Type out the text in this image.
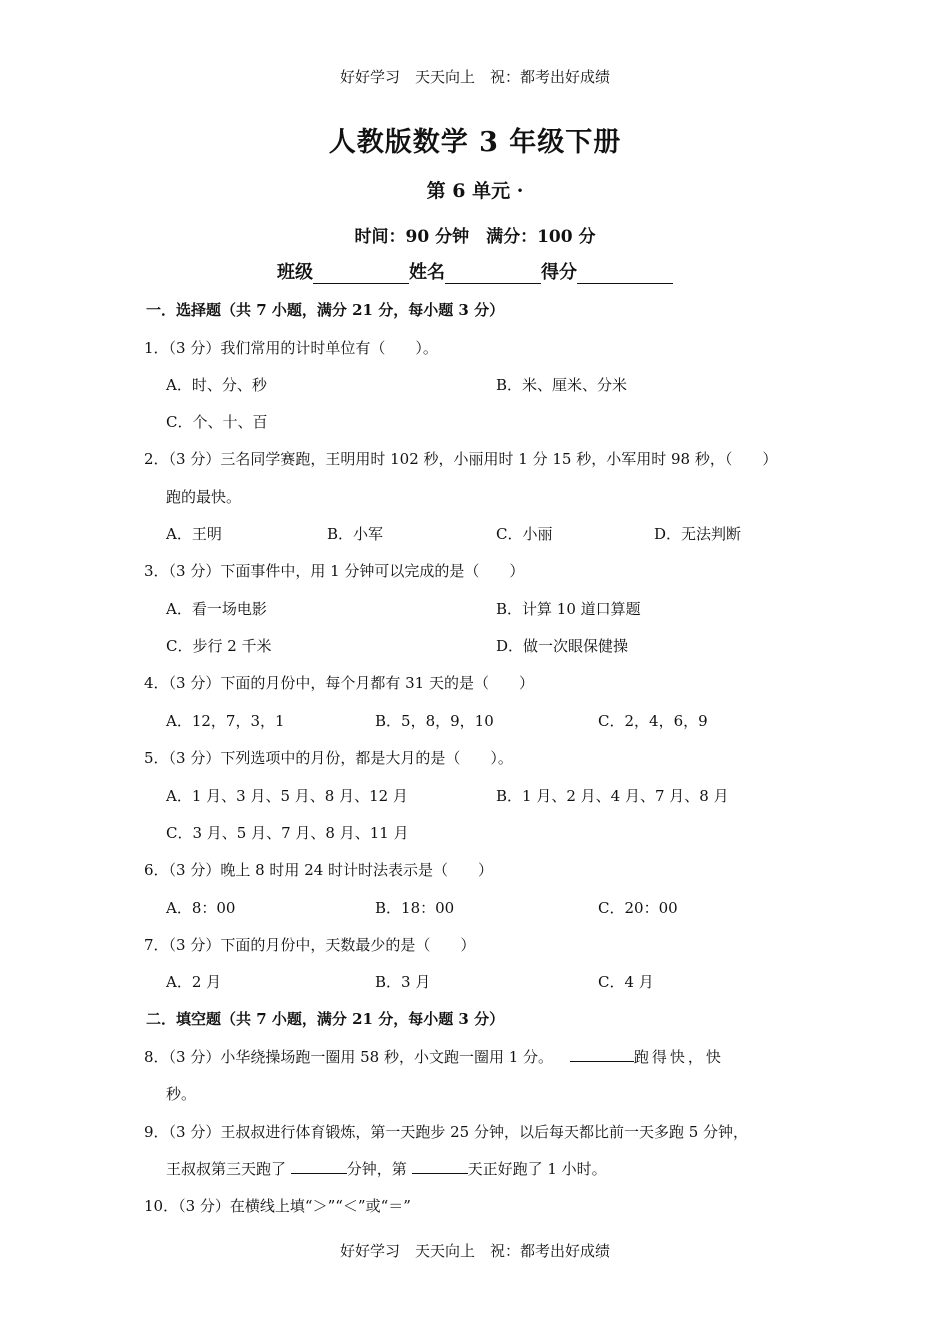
好好学习　天天向上　祝：都考出好成绩
人教版数学 3 年级下册
第 6 单元 ·
时间：90 分钟　满分：100 分
班级	姓名	得分
一．选择题（共 7 小题，满分 21 分，每小题 3 分）
1．（3 分）我们常用的计时单位有（　　）。
A．时、分、秒	B．米、厘米、分米
C．个、十、百
2．（3 分）三名同学赛跑，王明用时 102 秒，小丽用时 1 分 15 秒，小军用时 98 秒，（　　）
跑的最快。
A．王明	B．小军	C．小丽	D．无法判断
3．（3 分）下面事件中，用 1 分钟可以完成的是（　　）
A．看一场电影	B．计算 10 道口算题
C．步行 2 千米	D．做一次眼保健操
4．（3 分）下面的月份中，每个月都有 31 天的是（　　）
A．12，7，3，1	B．5，8，9，10	C．2，4，6，9
5．（3 分）下列选项中的月份，都是大月的是（　　）。
A．1 月、3 月、5 月、8 月、12 月	B．1 月、2 月、4 月、7 月、8 月
C．3 月、5 月、7 月、8 月、11 月
6．（3 分）晚上 8 时用 24 时计时法表示是（　　）
A．8：00	B．18：00	C．20：00
7．（3 分）下面的月份中，天数最少的是（　　）
A．2 月	B．3 月	C．4 月
二．填空题（共 7 小题，满分 21 分，每小题 3 分）
8．（3 分）小华绕操场跑一圈用 58 秒，小文跑一圈用 1 分。	跑得快，快
秒。
9．（3 分）王叔叔进行体育锻炼，第一天跑步 25 分钟，以后每天都比前一天多跑 5 分钟，
王叔叔第三天跑了	分钟，第	天正好跑了 1 小时。
10．（3 分）在横线上填“＞”“＜”或“＝”
好好学习　天天向上　祝：都考出好成绩
